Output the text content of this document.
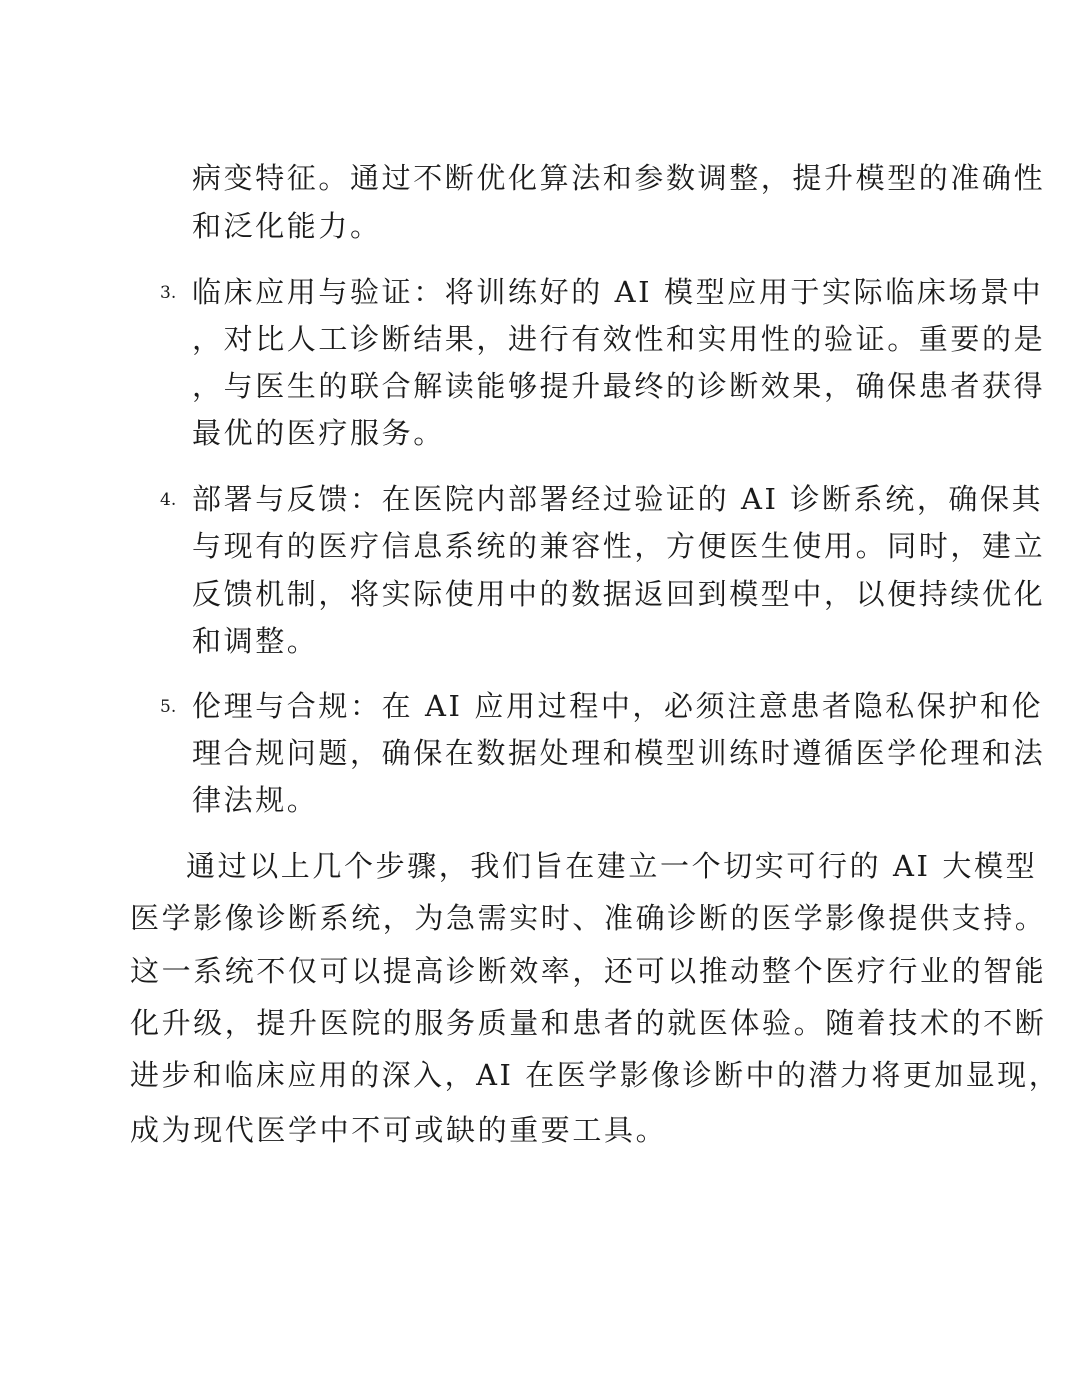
病变特征。通过不断优化算法和参数调整，提升模型的准确性
和泛化能力。
3. 临床应用与验证：将训练好的 AI 模型应用于实际临床场景中
，对比人工诊断结果，进行有效性和实用性的验证。重要的是
，与医生的联合解读能够提升最终的诊断效果，确保患者获得
最优的医疗服务。
4. 部署与反馈：在医院内部署经过验证的 AI 诊断系统，确保其
与现有的医疗信息系统的兼容性，方便医生使用。同时，建立
反馈机制，将实际使用中的数据返回到模型中，以便持续优化
和调整。
5. 伦理与合规：在 AI 应用过程中，必须注意患者隐私保护和伦
理合规问题，确保在数据处理和模型训练时遵循医学伦理和法
律法规。
通过以上几个步骤，我们旨在建立一个切实可行的 AI 大模型
医学影像诊断系统，为急需实时、准确诊断的医学影像提供支持。
这一系统不仅可以提高诊断效率，还可以推动整个医疗行业的智能
化升级，提升医院的服务质量和患者的就医体验。随着技术的不断
进步和临床应用的深入，AI 在医学影像诊断中的潜力将更加显现，
成为现代医学中不可或缺的重要工具。
